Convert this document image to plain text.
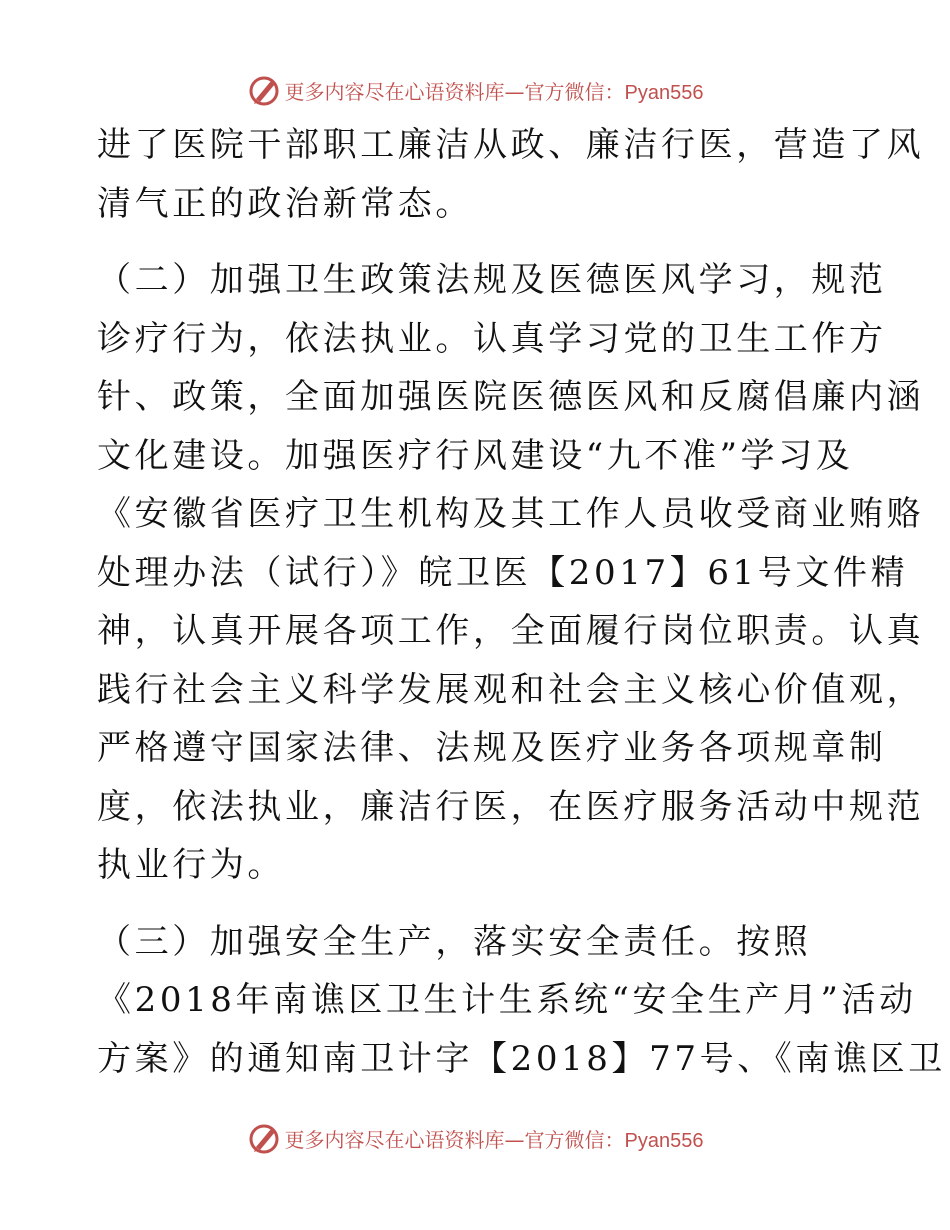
更多内容尽在心语资料库—官方微信：Pyan556

进了医院干部职工廉洁从政、廉洁行医，营造了风

清气正的政治新常态。

（二）加强卫生政策法规及医德医风学习，规范

诊疗行为，依法执业。认真学习党的卫生工作方

针、政策，全面加强医院医德医风和反腐倡廉内涵

文化建设。加强医疗行风建设“九不准”学习及

《安徽省医疗卫生机构及其工作人员收受商业贿赂

处理办法（试行）》皖卫医【2017】61号文件精

神，认真开展各项工作，全面履行岗位职责。认真

践行社会主义科学发展观和社会主义核心价值观，

严格遵守国家法律、法规及医疗业务各项规章制

度，依法执业，廉洁行医，在医疗服务活动中规范

执业行为。

（三）加强安全生产，落实安全责任。按照

《2018年南谯区卫生计生系统“安全生产月”活动

方案》的通知南卫计字【2018】77号、《南谯区卫

更多内容尽在心语资料库—官方微信：Pyan556
